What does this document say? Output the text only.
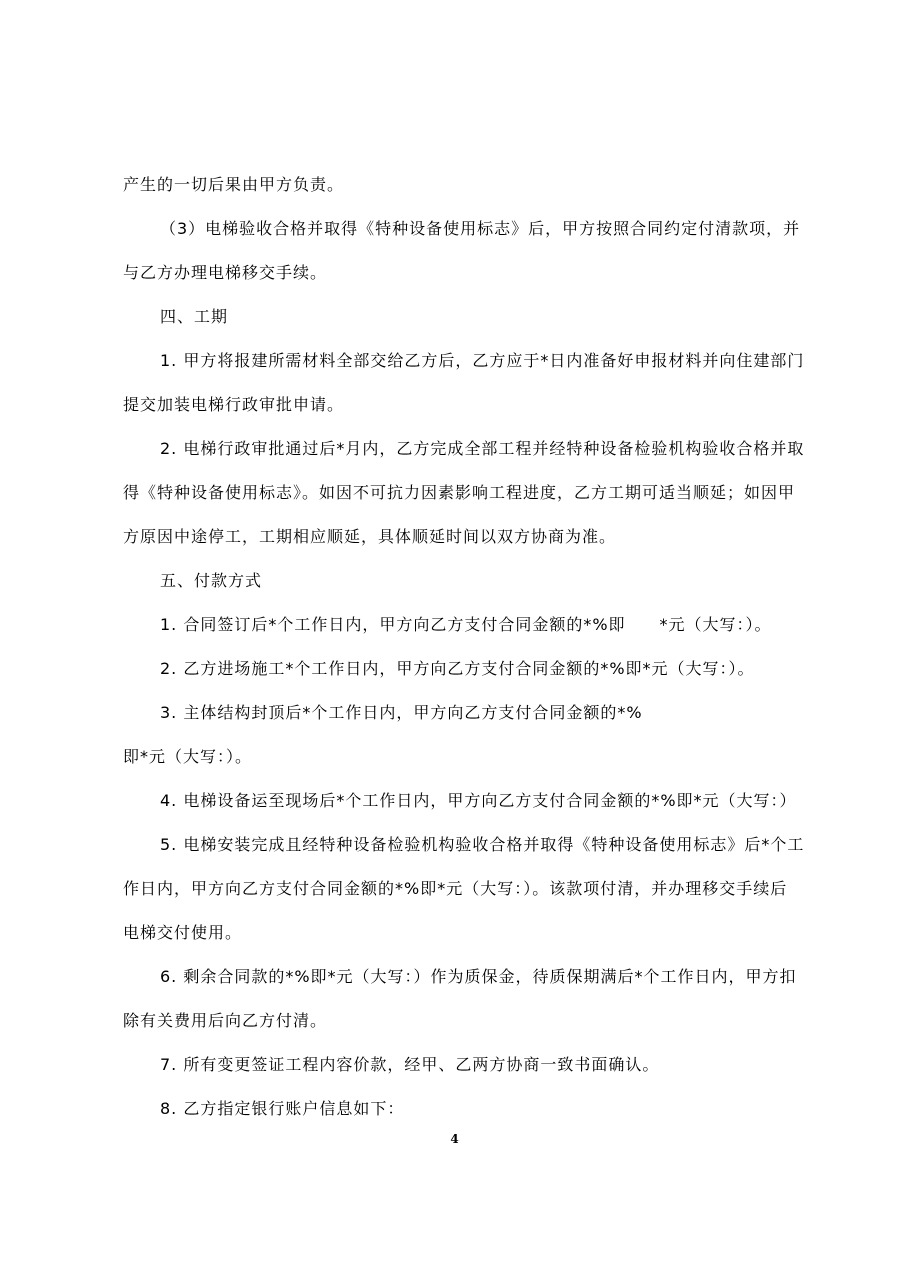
产生的一切后果由甲方负责。
（3）电梯验收合格并取得《特种设备使用标志》后，甲方按照合同约定付清款项，并
与乙方办理电梯移交手续。
四、工期
1. 甲方将报建所需材料全部交给乙方后，乙方应于*日内准备好申报材料并向住建部门
提交加装电梯行政审批申请。
2. 电梯行政审批通过后*月内，乙方完成全部工程并经特种设备检验机构验收合格并取
得《特种设备使用标志》。如因不可抗力因素影响工程进度，乙方工期可适当顺延；如因甲
方原因中途停工，工期相应顺延，具体顺延时间以双方协商为准。
五、付款方式
1. 合同签订后*个工作日内，甲方向乙方支付合同金额的*%即　　*元（大写：）。
2. 乙方进场施工*个工作日内，甲方向乙方支付合同金额的*%即*元（大写：）。
3. 主体结构封顶后*个工作日内，甲方向乙方支付合同金额的*%
即*元（大写：）。
4. 电梯设备运至现场后*个工作日内，甲方向乙方支付合同金额的*%即*元（大写：）
5. 电梯安装完成且经特种设备检验机构验收合格并取得《特种设备使用标志》后*个工
作日内，甲方向乙方支付合同金额的*%即*元（大写：）。该款项付清，并办理移交手续后
电梯交付使用。
6. 剩余合同款的*%即*元（大写：）作为质保金，待质保期满后*个工作日内，甲方扣
除有关费用后向乙方付清。
7. 所有变更签证工程内容价款，经甲、乙两方协商一致书面确认。
8. 乙方指定银行账户信息如下：
4
